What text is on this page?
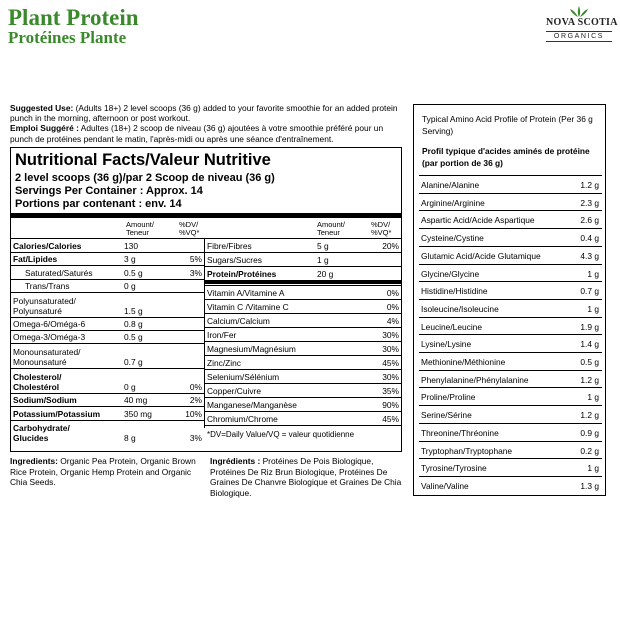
Plant Protein
Protéines Plante
NOVA SCOTIA
ORGANICS
Suggested Use: (Adults 18+) 2 level scoops (36 g) added to your favorite smoothie for an added protein punch in the morning, afternoon or post workout.
Emploi Suggéré : Adultes (18+) 2 scoop de niveau (36 g) ajoutées à votre smoothie préféré pour un punch de protéines pendant le matin, l'après-midi ou après une séance d'entraînement.
Nutritional Facts/Valeur Nutritive
2 level scoops (36 g)/par 2 Scoop de niveau (36 g)
Servings Per Container : Approx. 14
Portions par contenant : env. 14
Amount/ Teneur
%DV/ %VQ*
Amount/ Teneur
%DV/ %VQ*
Calories/Calories	130
Fat/Lipides	3 g	5%
Saturated/Saturés	0.5 g	3%
Trans/Trans	0 g
Polyunsaturated/
Polyunsaturé	1.5 g
Omega-6/Oméga-6	0.8 g
Omega-3/Oméga-3	0.5 g
Monounsaturated/
Monounsaturé	0.7 g
Cholesterol/
Cholestérol	0 g	0%
Sodium/Sodium	40 mg	2%
Potassium/Potassium	350 mg	10%
Carbohydrate/
Glucides	8 g	3%
Fibre/Fibres	5 g	20%
Sugars/Sucres	1 g
Protein/Protéines	20 g
Vitamin A/Vitamine A	0%
Vitamin C /Vitamine C	0%
Calcium/Calcium	4%
Iron/Fer	30%
Magnesium/Magnésium	30%
Zinc/Zinc	45%
Selenium/Sélénium	30%
Copper/Cuivre	35%
Manganese/Manganèse	90%
Chromium/Chrome	45%
*DV=Daily Value/VQ = valeur quotidienne
Ingredients: Organic Pea Protein, Organic Brown Rice Protein, Organic Hemp Protein and Organic Chia Seeds.
Ingrédients : Protéines De Pois Biologique, Protéines De Riz Brun Biologique, Protéines De Graines De Chanvre Biologique et Graines De Chia Biologique.
Typical Amino Acid Profile of Protein (Per 36 g Serving)
Profil typique d'acides aminés de protéine (par portion de 36 g)
Alanine/Alanine	1.2 g
Arginine/Arginine	2.3 g
Aspartic Acid/Acide Aspartique	2.6 g
Cysteine/Cystine	0.4 g
Glutamic Acid/Acide Glutamique	4.3 g
Glycine/Glycine	1 g
Histidine/Histidine	0.7 g
Isoleucine/Isoleucine	1 g
Leucine/Leucine	1.9 g
Lysine/Lysine	1.4 g
Methionine/Méthionine	0.5 g
Phenylalanine/Phénylalanine	1.2 g
Proline/Proline	1 g
Serine/Sérine	1.2 g
Threonine/Thréonine	0.9 g
Tryptophan/Tryptophane	0.2 g
Tyrosine/Tyrosine	1 g
Valine/Valine	1.3 g
